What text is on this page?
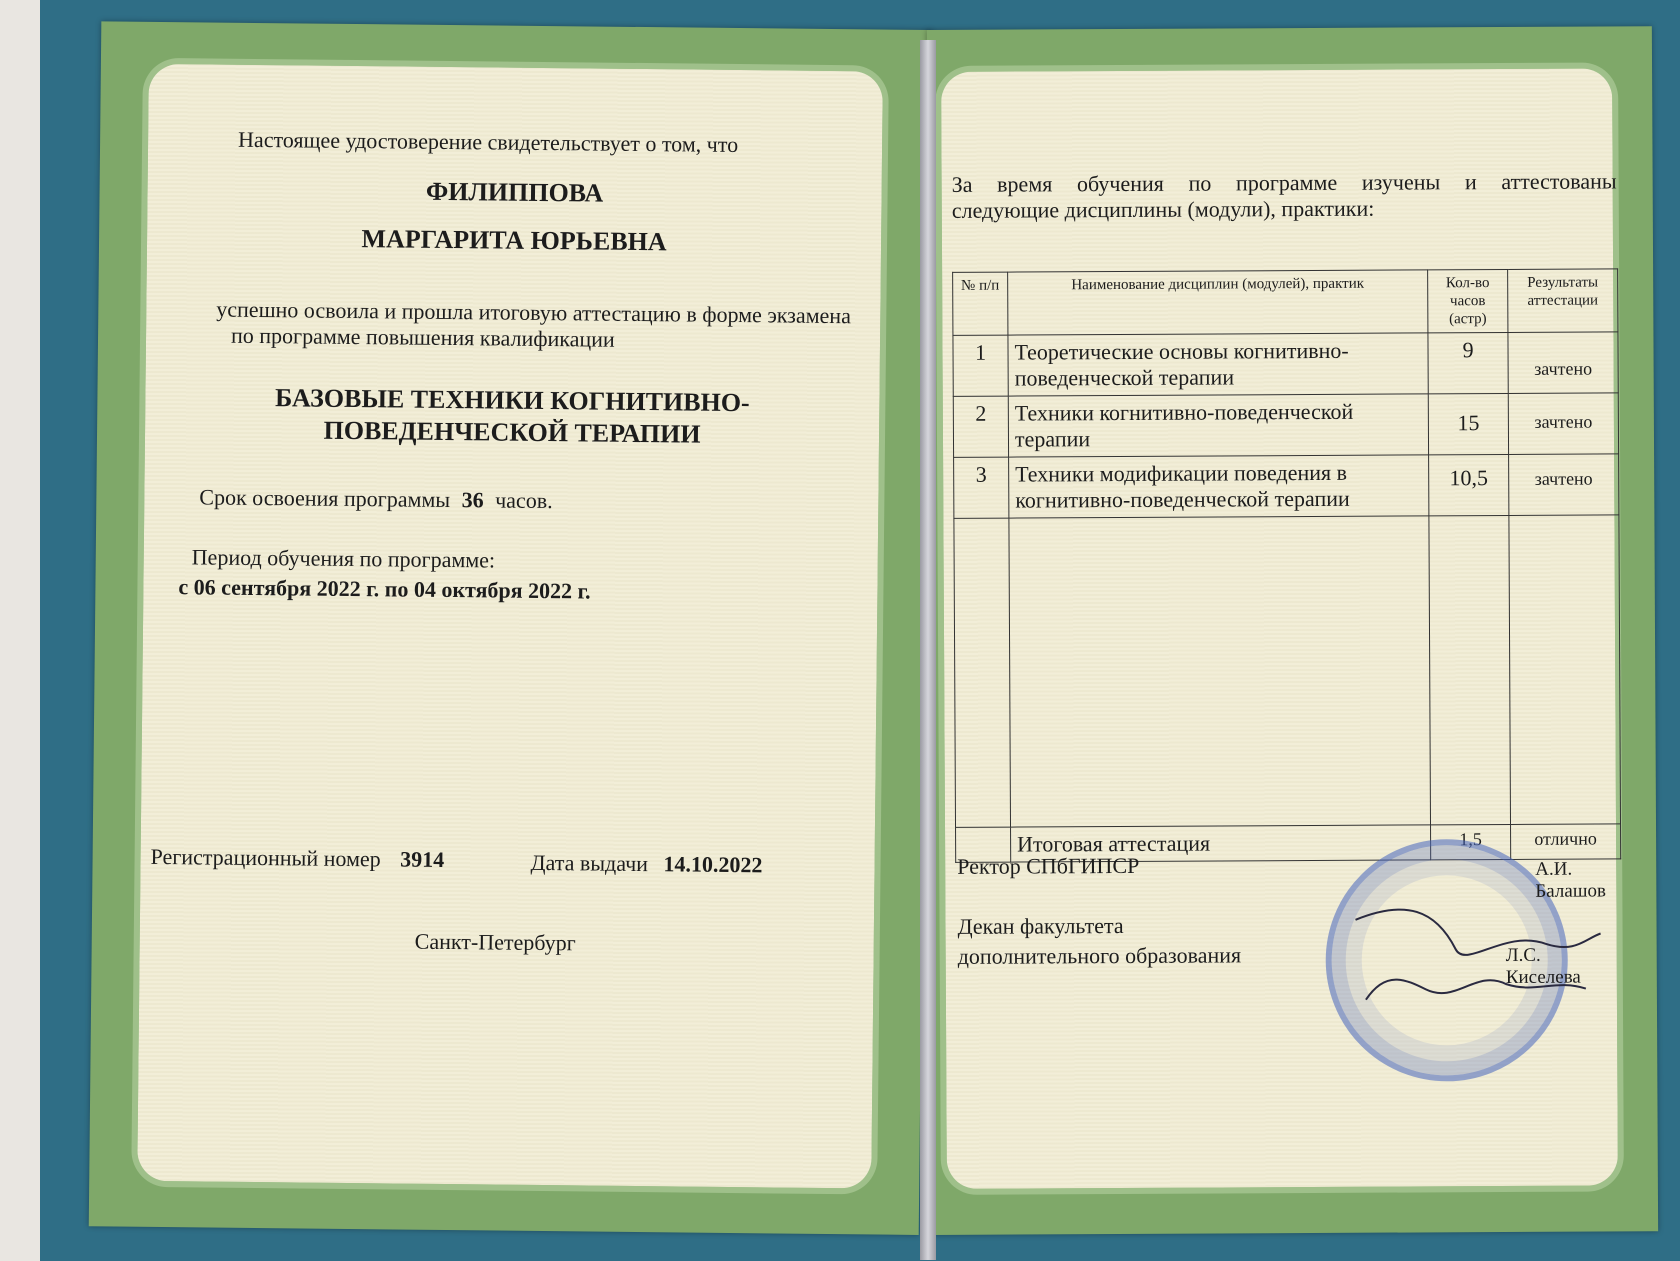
Настоящее удостоверение свидетельствует о том, что
ФИЛИППОВА
МАРГАРИТА ЮРЬЕВНА
успешно освоила и прошла итоговую аттестацию в форме экзамена
по программе повышения квалификации
БАЗОВЫЕ ТЕХНИКИ КОГНИТИВНО-
ПОВЕДЕНЧЕСКОЙ ТЕРАПИИ
Срок освоения программы 36 часов.
Период обучения по программе:
с 06 сентября 2022 г. по 04 октября 2022 г.
Регистрационный номер 3914	Дата выдачи 14.10.2022
Санкт-Петербург
За время обучения по программе изучены и аттестованы
следующие дисциплины (модули), практики:
№ п/п	Наименование дисциплин (модулей), практик	Кол-во часов (астр)	Результаты аттестации
1	Теоретические основы когнитивно-поведенческой терапии	9	зачтено
2	Техники когнитивно-поведенческой терапии	15	зачтено
3	Техники модификации поведения в когнитивно-поведенческой терапии	10,5	зачтено

	Итоговая аттестация	1,5	отлично
Ректор СПбГИПСР	А.И. Балашов
Декан факультета
дополнительного образования	Л.С. Киселева
